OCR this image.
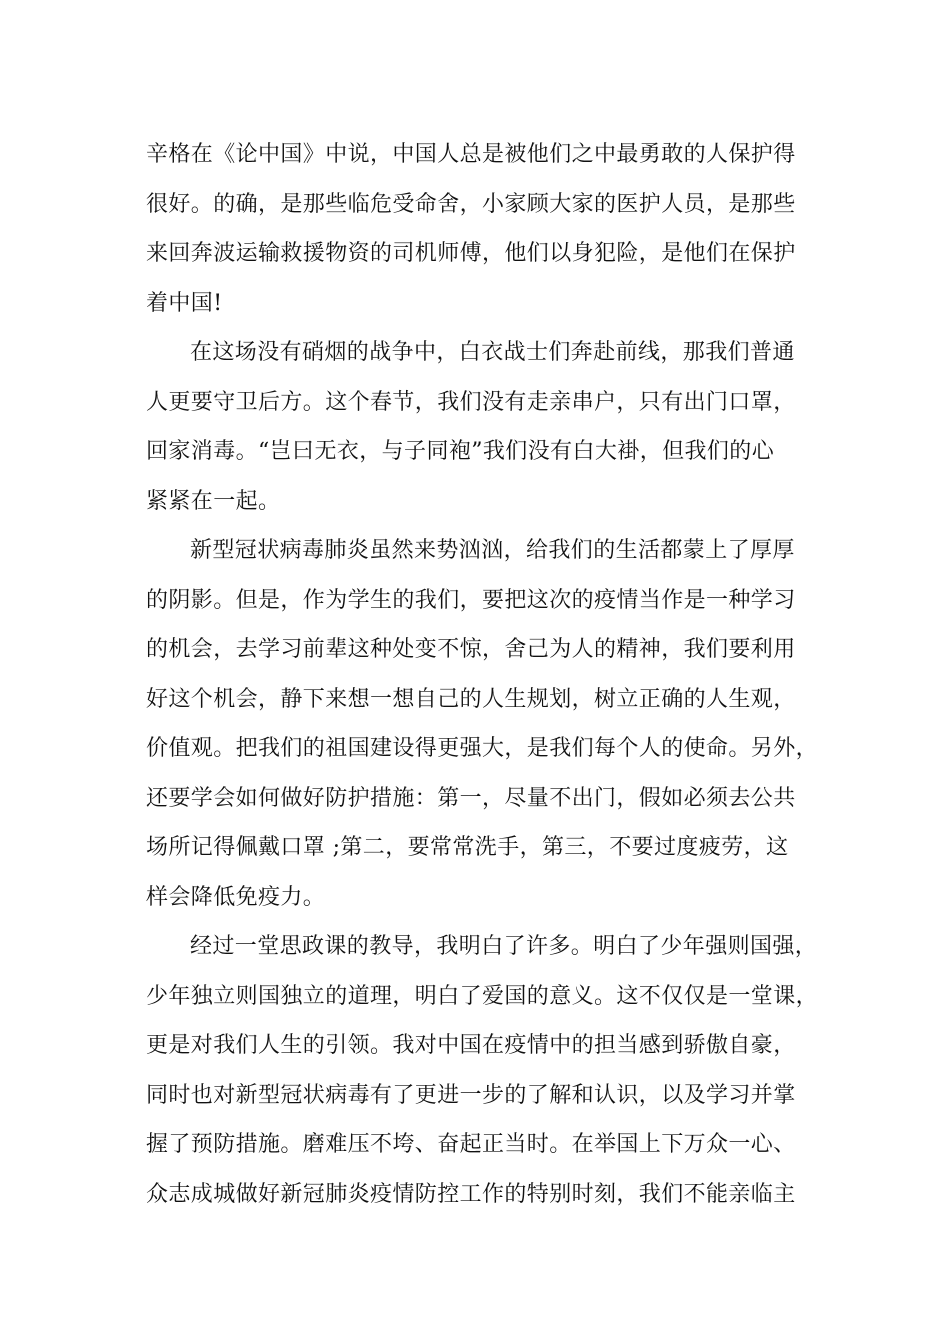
辛格在《论中国》中说，中国人总是被他们之中最勇敢的人保护得
很好。的确，是那些临危受命舍，小家顾大家的医护人员，是那些
来回奔波运输救援物资的司机师傅，他们以身犯险，是他们在保护
着中国!
在这场没有硝烟的战争中，白衣战士们奔赴前线，那我们普通
人更要守卫后方。这个春节，我们没有走亲串户，只有出门口罩，
回家消毒。“岂曰无衣，与子同袍”我们没有白大褂，但我们的心
紧紧在一起。
新型冠状病毒肺炎虽然来势汹汹，给我们的生活都蒙上了厚厚
的阴影。但是，作为学生的我们，要把这次的疫情当作是一种学习
的机会，去学习前辈这种处变不惊，舍己为人的精神，我们要利用
好这个机会，静下来想一想自己的人生规划，树立正确的人生观，
价值观。把我们的祖国建设得更强大，是我们每个人的使命。另外，
还要学会如何做好防护措施：第一，尽量不出门，假如必须去公共
场所记得佩戴口罩 ;第二，要常常洗手，第三，不要过度疲劳，这
样会降低免疫力。
经过一堂思政课的教导，我明白了许多。明白了少年强则国强，
少年独立则国独立的道理，明白了爱国的意义。这不仅仅是一堂课，
更是对我们人生的引领。我对中国在疫情中的担当感到骄傲自豪，
同时也对新型冠状病毒有了更进一步的了解和认识，以及学习并掌
握了预防措施。磨难压不垮、奋起正当时。在举国上下万众一心、
众志成城做好新冠肺炎疫情防控工作的特别时刻，我们不能亲临主
